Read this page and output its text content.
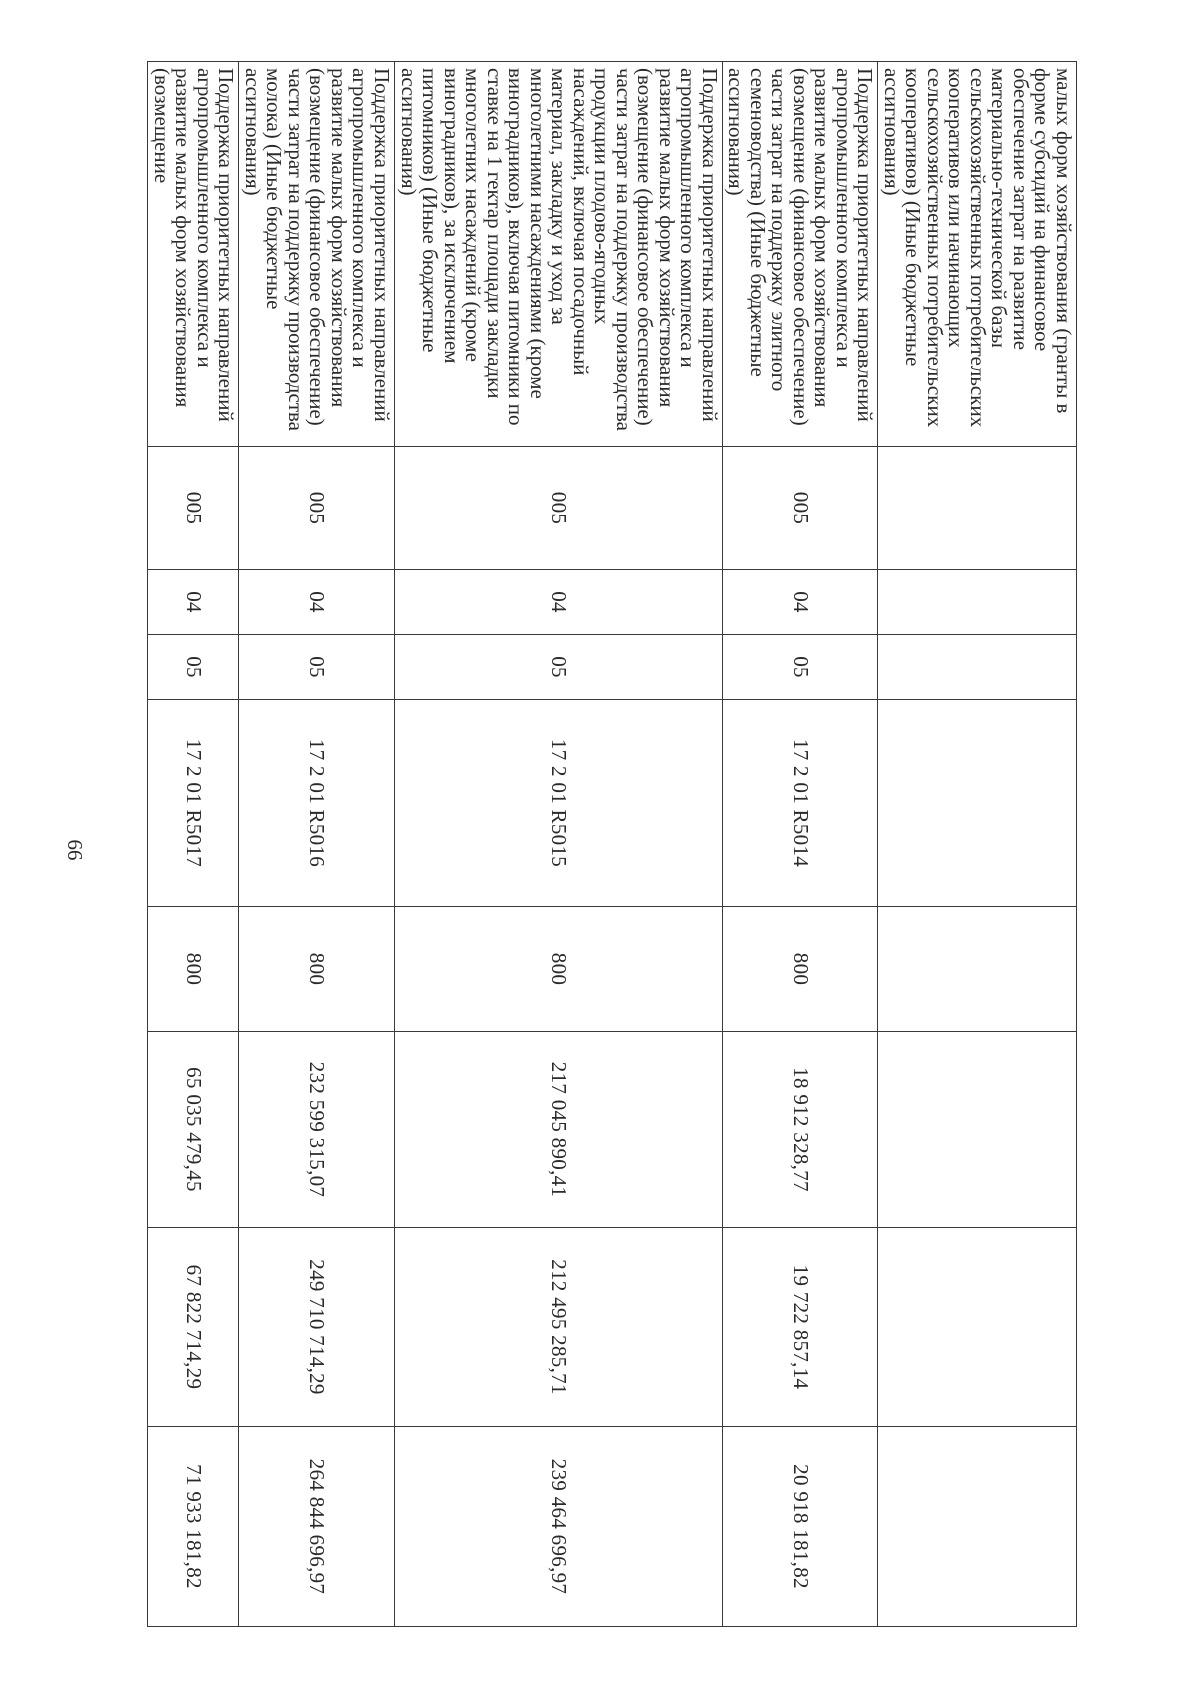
66
малых форм хозяйствования (гранты в форме субсидий на финансовое обеспечение затрат на развитие материально-технической базы сельскохозяйственных потребительских кооперативов или начинающих сельскохозяйственных потребительских кооперативов) (Иные бюджетные ассигнования)								
Поддержка приоритетных направлений агропромышленного комплекса и развитие малых форм хозяйствования (возмещение (финансовое обеспечение) части затрат на поддержку элитного семеноводства) (Иные бюджетные ассигнования)	005	04	05	17 2 01 R5014	800	18 912 328,77	19 722 857,14	20 918 181,82
Поддержка приоритетных направлений агропромышленного комплекса и развитие малых форм хозяйствования (возмещение (финансовое обеспечение) части затрат на поддержку производства продукции плодово-ягодных насаждений, включая посадочный материал, закладку и уход за многолетними насаждениями (кроме виноградников), включая питомники по ставке на 1 гектар площади закладки многолетних насаждений (кроме виноградников), за исключением питомников) (Иные бюджетные ассигнования)	005	04	05	17 2 01 R5015	800	217 045 890,41	212 495 285,71	239 464 696,97
Поддержка приоритетных направлений агропромышленного комплекса и развитие малых форм хозяйствования (возмещение (финансовое обеспечение) части затрат на поддержку производства молока) (Иные бюджетные ассигнования)	005	04	05	17 2 01 R5016	800	232 599 315,07	249 710 714,29	264 844 696,97
Поддержка приоритетных направлений агропромышленного комплекса и развитие малых форм хозяйствования (возмещение	005	04	05	17 2 01 R5017	800	65 035 479,45	67 822 714,29	71 933 181,82
